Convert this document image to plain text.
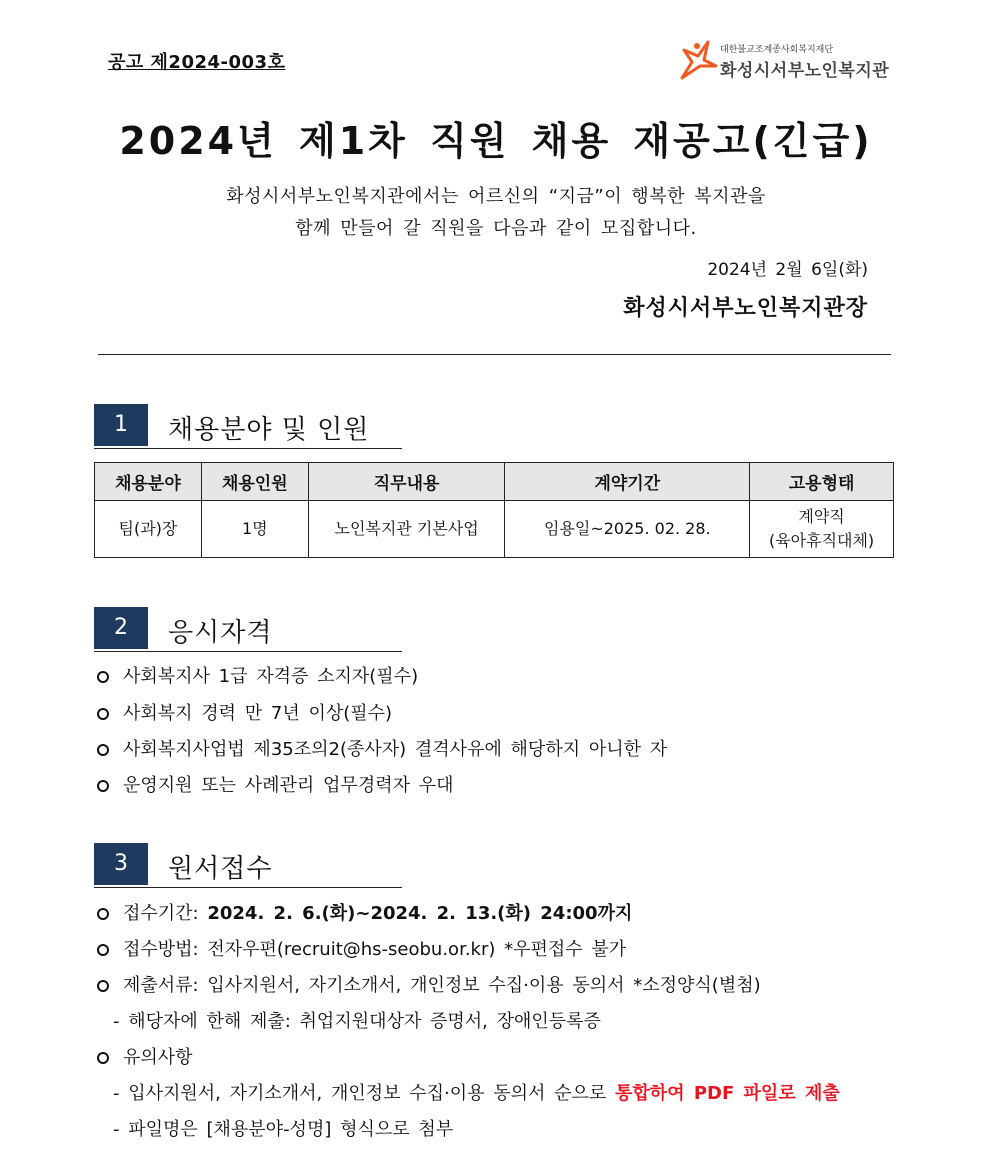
공고 제2024-003호
대한불교조계종사회복지재단
화성시서부노인복지관
2024년 제1차 직원 채용 재공고(긴급)
화성시서부노인복지관에서는 어르신의 “지금”이 행복한 복지관을
함께 만들어 갈 직원을 다음과 같이 모집합니다.
2024년 2월 6일(화)
화성시서부노인복지관장
1	채용분야 및 인원
채용분야	채용인원	직무내용	계약기간	고용형태
팀(과)장	1명	노인복지관 기본사업	임용일~2025. 02. 28.	계약직
(육아휴직대체)
2	응시자격
사회복지사 1급 자격증 소지자(필수)
사회복지 경력 만 7년 이상(필수)
사회복지사업법 제35조의2(종사자) 결격사유에 해당하지 아니한 자
운영지원 또는 사례관리 업무경력자 우대
3	원서접수
접수기간: 2024. 2. 6.(화)~2024. 2. 13.(화) 24:00까지
접수방법: 전자우편(recruit@hs-seobu.or.kr) *우편접수 불가
제출서류: 입사지원서, 자기소개서, 개인정보 수집·이용 동의서 *소정양식(별첨)
- 해당자에 한해 제출: 취업지원대상자 증명서, 장애인등록증
유의사항
- 입사지원서, 자기소개서, 개인정보 수집·이용 동의서 순으로 통합하여 PDF 파일로 제출
- 파일명은 [채용분야-성명] 형식으로 첨부
